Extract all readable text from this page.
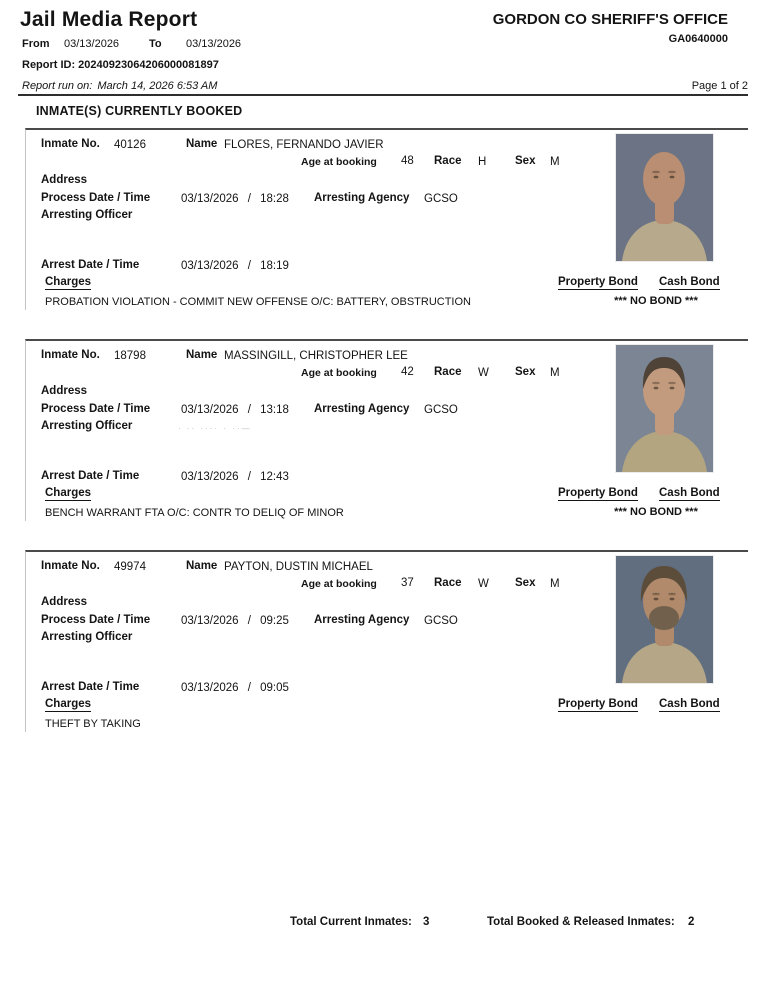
Jail Media Report	GORDON CO SHERIFF'S OFFICE
GA0640000
From 03/13/2026	To 03/13/2026
Report ID: 20240923064206000081897
Report run on: March 14, 2026 6:53 AM	Page 1 of 2
INMATE(S) CURRENTLY BOOKED
Inmate No. 40126	Name FLORES, FERNANDO JAVIER
Age at booking 48 Race H Sex M
Address
Process Date / Time	03/13/2026 / 18:28 Arresting Agency GCSO
Arresting Officer
Arrest Date / Time	03/13/2026 / 18:19
Charges
PROBATION VIOLATION - COMMIT NEW OFFENSE O/C: BATTERY, OBSTRUCTION
Property Bond Cash Bond
*** NO BOND ***
Inmate No. 18798	Name MASSINGILL, CHRISTOPHER LEE
Age at booking 42 Race W Sex M
Address
Process Date / Time	03/13/2026 / 13:18 Arresting Agency GCSO
Arresting Officer	· ·· ···· · ··—
Arrest Date / Time	03/13/2026 / 12:43
Charges
BENCH WARRANT FTA O/C: CONTR TO DELIQ OF MINOR
Property Bond Cash Bond
*** NO BOND ***
Inmate No. 49974	Name PAYTON, DUSTIN MICHAEL
Age at booking 37 Race W Sex M
Address
Process Date / Time	03/13/2026 / 09:25 Arresting Agency GCSO
Arresting Officer
Arrest Date / Time	03/13/2026 / 09:05
Charges
THEFT BY TAKING
Property Bond Cash Bond
Total Current Inmates: 3	Total Booked & Released Inmates: 2
